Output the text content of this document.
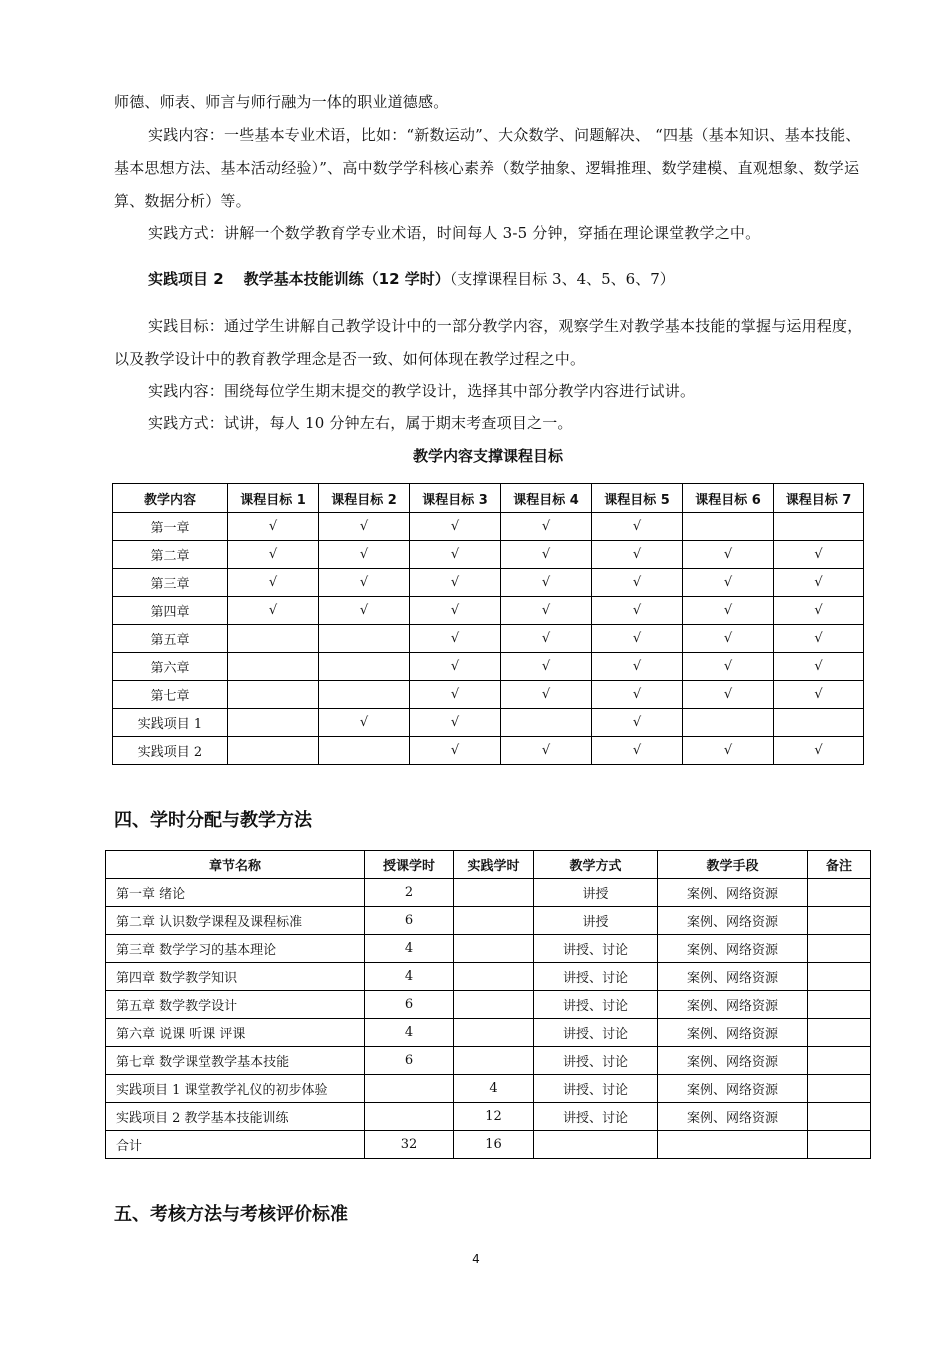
师德、师表、师言与师行融为一体的职业道德感。

实践内容：一些基本专业术语，比如：“新数运动”、大众数学、问题解决、 “四基（基本知识、基本技能、基本思想方法、基本活动经验）”、高中数学学科核心素养（数学抽象、逻辑推理、数学建模、直观想象、数学运算、数据分析）等。

实践方式：讲解一个数学教育学专业术语，时间每人 3-5 分钟，穿插在理论课堂教学之中。

实践项目 2 教学基本技能训练（12 学时）（支撑课程目标 3、4、5、6、7）

实践目标：通过学生讲解自己教学设计中的一部分教学内容，观察学生对教学基本技能的掌握与运用程度，以及教学设计中的教育教学理念是否一致、如何体现在教学过程之中。

实践内容：围绕每位学生期末提交的教学设计，选择其中部分教学内容进行试讲。

实践方式：试讲，每人 10 分钟左右，属于期末考查项目之一。

教学内容支撑课程目标
教学内容	课程目标 1	课程目标 2	课程目标 3	课程目标 4	课程目标 5	课程目标 6	课程目标 7
第一章	√	√	√	√	√		
第二章	√	√	√	√	√	√	√
第三章	√	√	√	√	√	√	√
第四章	√	√	√	√	√	√	√
第五章			√	√	√	√	√
第六章			√	√	√	√	√
第七章			√	√	√	√	√
实践项目 1		√	√		√		
实践项目 2			√	√	√	√	√
四、学时分配与教学方法
章节名称	授课学时	实践学时	教学方式	教学手段	备注
第一章 绪论	2		讲授	案例、网络资源	
第二章 认识数学课程及课程标准	6		讲授	案例、网络资源	
第三章 数学学习的基本理论	4		讲授、讨论	案例、网络资源	
第四章 数学教学知识	4		讲授、讨论	案例、网络资源	
第五章 数学教学设计	6		讲授、讨论	案例、网络资源	
第六章 说课 听课 评课	4		讲授、讨论	案例、网络资源	
第七章 数学课堂教学基本技能	6		讲授、讨论	案例、网络资源	
实践项目 1 课堂教学礼仪的初步体验		4	讲授、讨论	案例、网络资源	
实践项目 2 教学基本技能训练		12	讲授、讨论	案例、网络资源	
合计	32	16			
五、考核方法与考核评价标准
4
